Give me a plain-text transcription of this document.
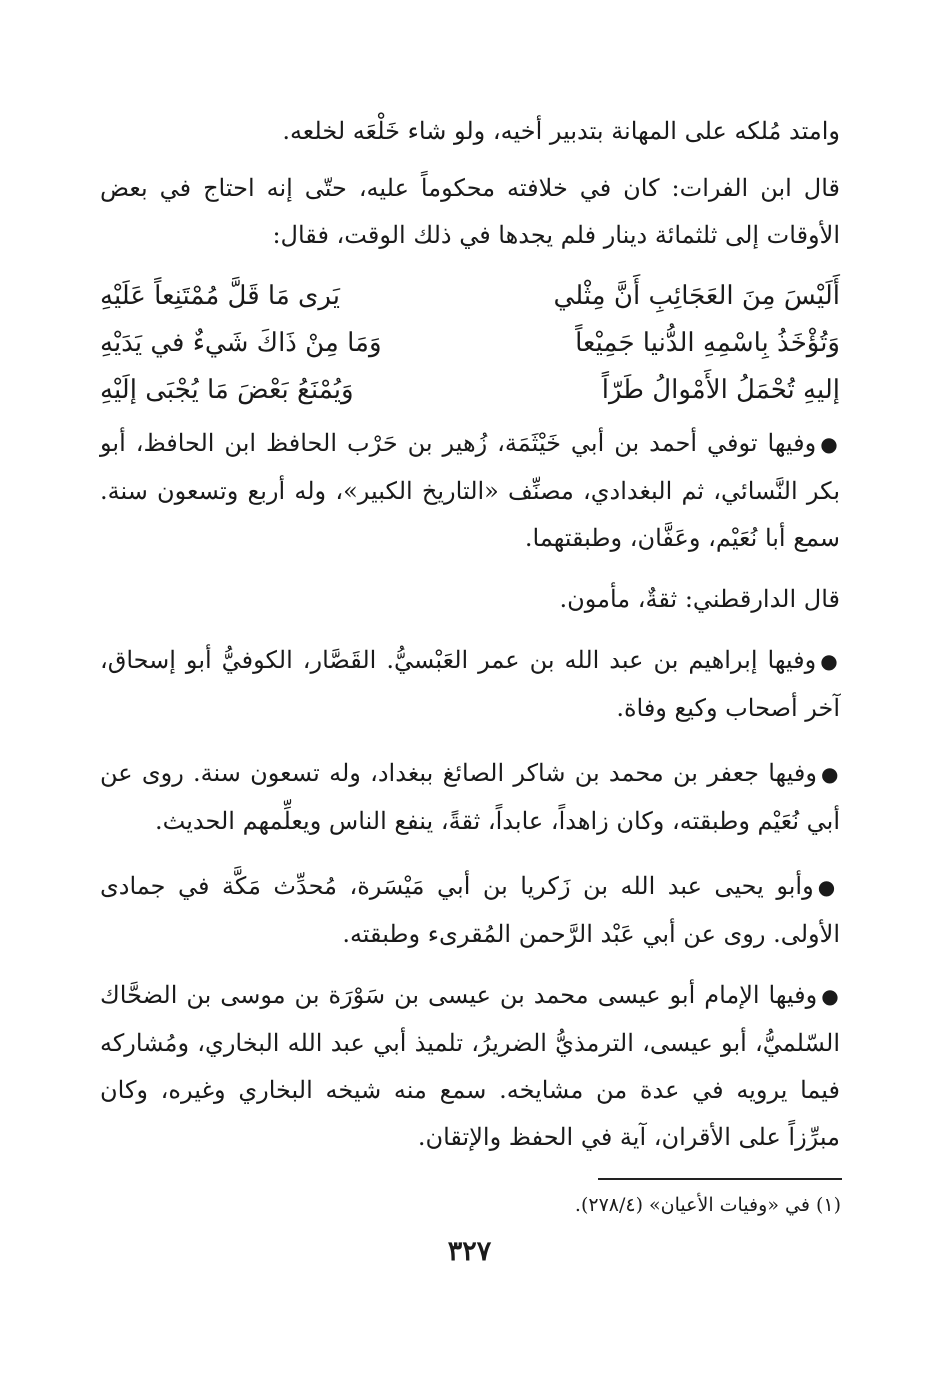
وامتد مُلكه على المهانة بتدبير أخيه، ولو شاء خَلْعَه لخلعه.

قال ابن الفرات: كان في خلافته محكوماً عليه، حتّى إنه احتاج في بعض الأوقات إلى ثلثمائة دينار فلم يجدها في ذلك الوقت، فقال:

أَلَيْسَ مِنَ العَجَائِبِ أَنَّ مِثْلي
يَرى مَا قَلَّ مُمْتَنِعاً عَلَيْهِ
وَتُؤْخَذُ بِاسْمِهِ الدُّنيا جَمِيْعاً
وَمَا مِنْ ذَاكَ شَيءٌ في يَدَيْهِ
إليهِ تُحْمَلُ الأَمْوالُ طَرّاً
وَيُمْنَعُ بَعْضَ مَا يُجْبَى إلَيْهِ

●وفيها توفي أحمد بن أبي خَيْثَمَة، زُهير بن حَرْب الحافظ ابن الحافظ، أبو بكر النَّسائي، ثم البغدادي، مصنِّف «التاريخ الكبير»، وله أربع وتسعون سنة. سمع أبا نُعَيْم، وعَفَّان، وطبقتهما.

قال الدارقطني: ثقةٌ، مأمون.

●وفيها إبراهيم بن عبد الله بن عمر العَبْسيُّ. القَصَّار، الكوفيُّ أبو إسحاق، آخر أصحاب وكيع وفاة.

●وفيها جعفر بن محمد بن شاكر الصائغ ببغداد، وله تسعون سنة. روى عن أبي نُعَيْم وطبقته، وكان زاهداً، عابداً، ثقةً، ينفع الناس ويعلِّمهم الحديث.

●وأبو يحيى عبد الله بن زَكريا بن أبي مَيْسَرة، مُحدِّث مَكَّة في جمادى الأولى. روى عن أبي عَبْد الرَّحمن المُقرىء وطبقته.

●وفيها الإمام أبو عيسى محمد بن عيسى بن سَوْرَة بن موسى بن الضحَّاك السّلميُّ، أبو عيسى، الترمذيُّ الضريرُ، تلميذ أبي عبد الله البخاري، ومُشاركه فيما يرويه في عدة من مشايخه. سمع منه شيخه البخاري وغيره، وكان مبرِّزاً على الأقران، آية في الحفظ والإتقان.

(١) في «وفيات الأعيان» (٢٧٨/٤).
٣٢٧
